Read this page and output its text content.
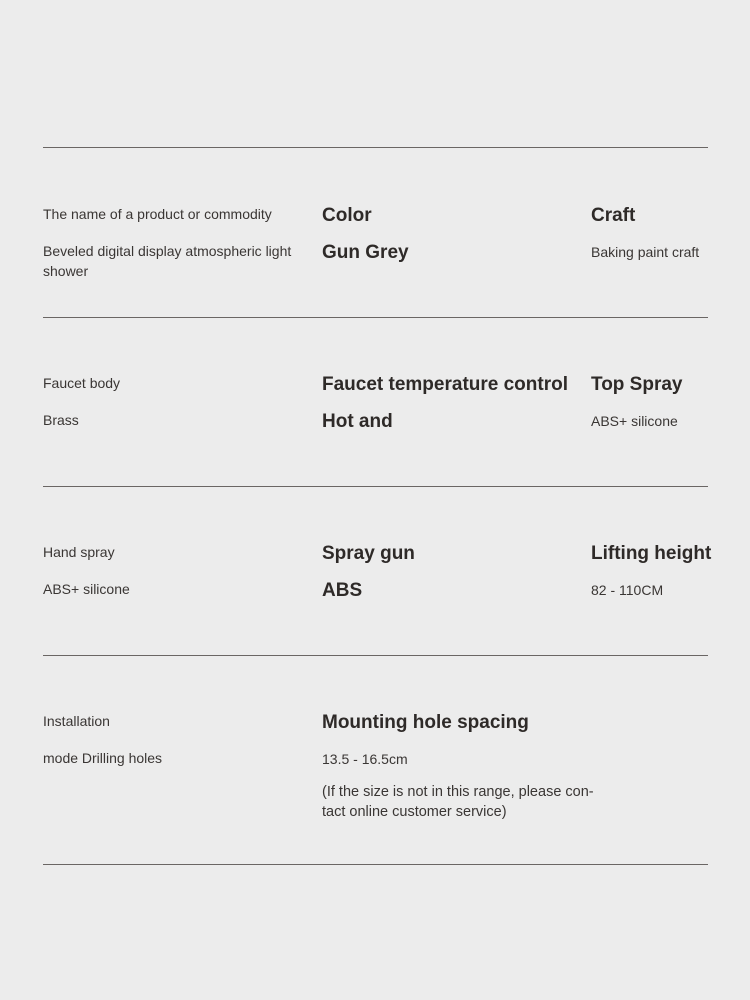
The name of a product or commodity

Beveled digital display atmospheric light shower

Color

Gun Grey

Craft

Baking paint craft

Faucet body

Brass

Faucet temperature control

Hot and

Top Spray

ABS+ silicone

Hand spray

ABS+ silicone

Spray gun

ABS

Lifting height

82 - 110CM

Installation

mode Drilling holes

Mounting hole spacing

13.5 - 16.5cm

(If the size is not in this range, please con-tact online customer service)
